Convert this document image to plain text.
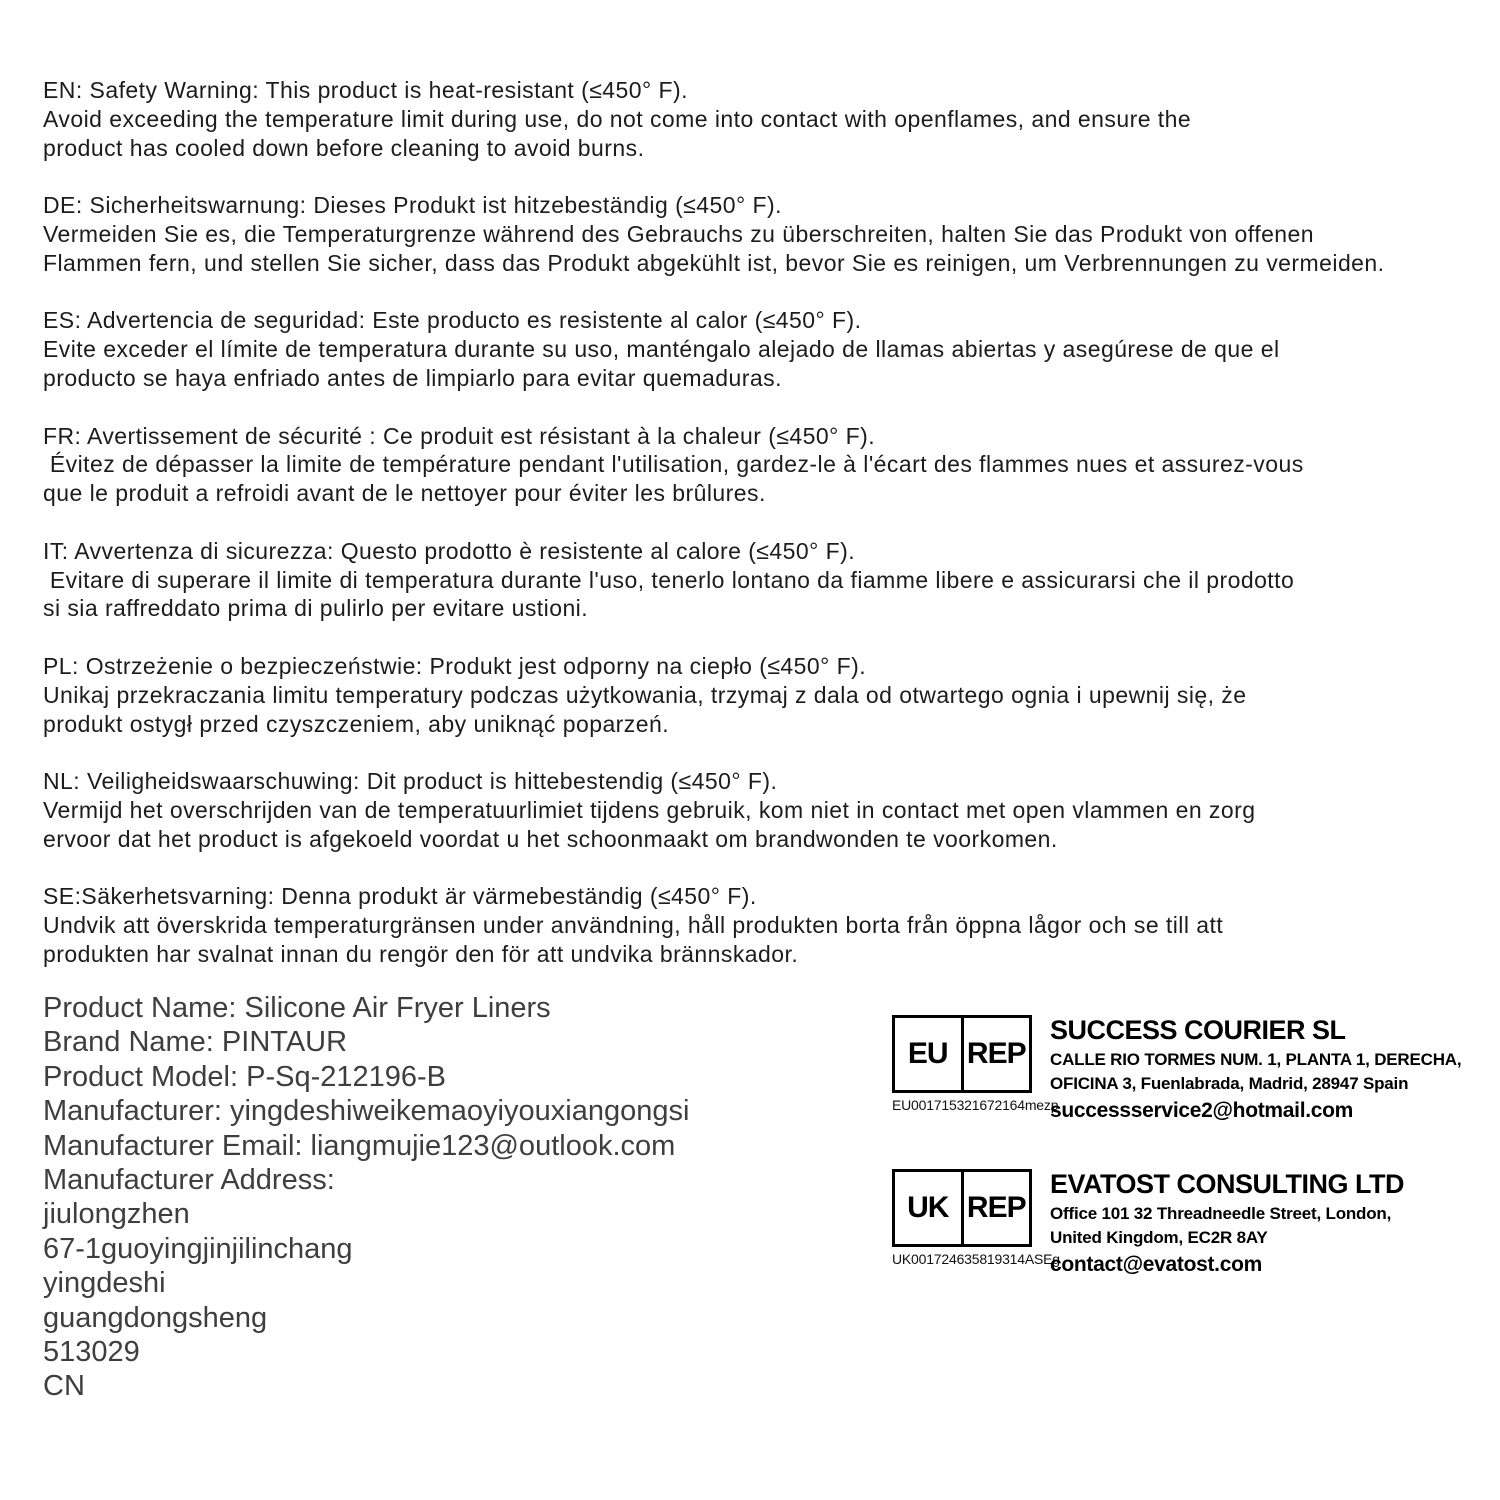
EN: Safety Warning: This product is heat-resistant (≤450° F).
Avoid exceeding the temperature limit during use, do not come into contact with openflames, and ensure the
product has cooled down before cleaning to avoid burns.
DE: Sicherheitswarnung: Dieses Produkt ist hitzebeständig (≤450° F).
Vermeiden Sie es, die Temperaturgrenze während des Gebrauchs zu überschreiten, halten Sie das Produkt von offenen
Flammen fern, und stellen Sie sicher, dass das Produkt abgekühlt ist, bevor Sie es reinigen, um Verbrennungen zu vermeiden.
ES: Advertencia de seguridad: Este producto es resistente al calor (≤450° F).
Evite exceder el límite de temperatura durante su uso, manténgalo alejado de llamas abiertas y asegúrese de que el
producto se haya enfriado antes de limpiarlo para evitar quemaduras.
FR: Avertissement de sécurité : Ce produit est résistant à la chaleur (≤450° F).
Évitez de dépasser la limite de température pendant l'utilisation, gardez-le à l'écart des flammes nues et assurez-vous
que le produit a refroidi avant de le nettoyer pour éviter les brûlures.
IT: Avvertenza di sicurezza: Questo prodotto è resistente al calore (≤450° F).
Evitare di superare il limite di temperatura durante l'uso, tenerlo lontano da fiamme libere e assicurarsi che il prodotto
si sia raffreddato prima di pulirlo per evitare ustioni.
PL: Ostrzeżenie o bezpieczeństwie: Produkt jest odporny na ciepło (≤450° F).
Unikaj przekraczania limitu temperatury podczas użytkowania, trzymaj z dala od otwartego ognia i upewnij się, że
produkt ostygł przed czyszczeniem, aby uniknąć poparzeń.
NL: Veiligheidswaarschuwing: Dit product is hittebestendig (≤450° F).
Vermijd het overschrijden van de temperatuurlimiet tijdens gebruik, kom niet in contact met open vlammen en zorg
ervoor dat het product is afgekoeld voordat u het schoonmaakt om brandwonden te voorkomen.
SE:Säkerhetsvarning: Denna produkt är värmebeständig (≤450° F).
Undvik att överskrida temperaturgränsen under användning, håll produkten borta från öppna lågor och se till att
produkten har svalnat innan du rengör den för att undvika brännskador.
Product Name: Silicone Air Fryer Liners
Brand Name: PINTAUR
Product Model: P-Sq-212196-B
Manufacturer: yingdeshiweikemaoyiyouxiangongsi
Manufacturer Email: liangmujie123@outlook.com
Manufacturer Address:
jiulongzhen
67-1guoyingjinjilinchang
yingdeshi
guangdongsheng
513029
CN
EU REP
EU001715321672164mezp
SUCCESS COURIER SL
CALLE RIO TORMES NUM. 1, PLANTA 1, DERECHA,
OFICINA 3, Fuenlabrada, Madrid, 28947 Spain
successservice2@hotmail.com
UK REP
UK001724635819314ASEg
EVATOST CONSULTING LTD
Office 101 32 Threadneedle Street, London,
United Kingdom, EC2R 8AY
contact@evatost.com
